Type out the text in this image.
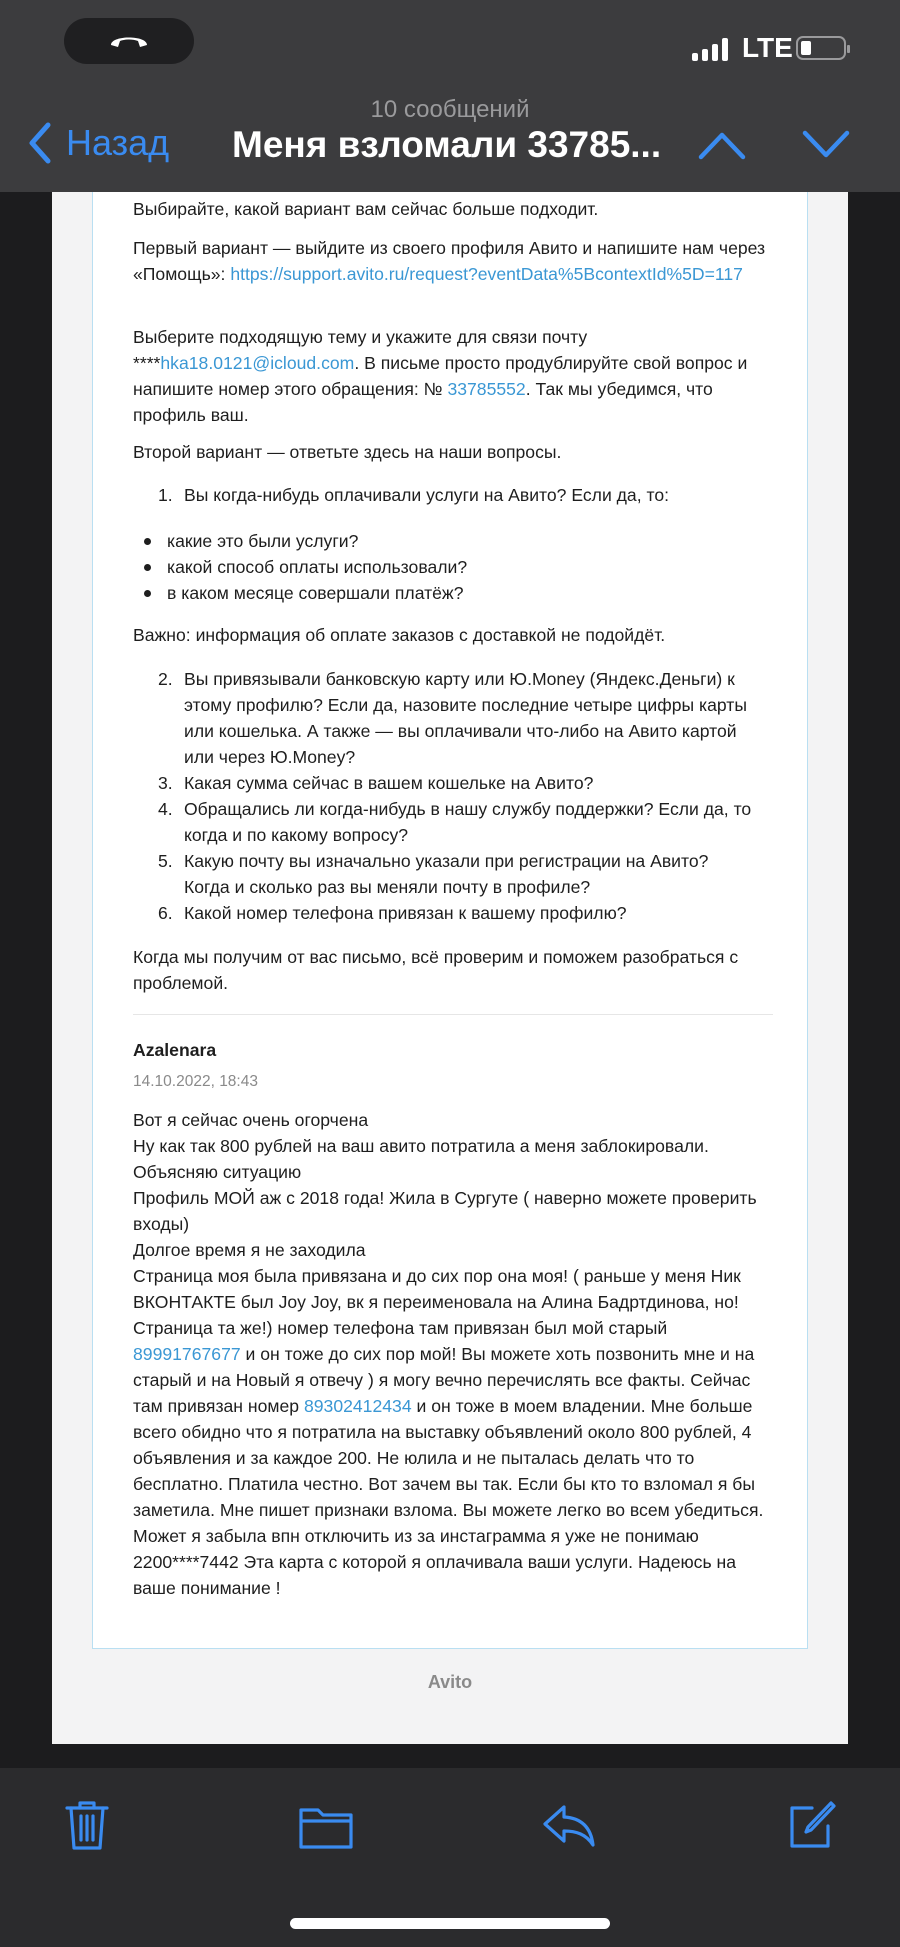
LTE
10 сообщений
Назад Меня взломали 33785...

Выбирайте, какой вариант вам сейчас больше подходит.

Первый вариант — выйдите из своего профиля Авито и напишите нам через «Помощь»: https://support.avito.ru/request?eventData%5BcontextId%5D=117

Выберите подходящую тему и укажите для связи почту ****hka18.0121@icloud.com. В письме просто продублируйте свой вопрос и напишите номер этого обращения: № 33785552. Так мы убедимся, что профиль ваш.

Второй вариант — ответьте здесь на наши вопросы.

1. Вы когда-нибудь оплачивали услуги на Авито? Если да, то:
какие это были услуги?
какой способ оплаты использовали?
в каком месяце совершали платёж?

Важно: информация об оплате заказов с доставкой не подойдёт.

2. Вы привязывали банковскую карту или Ю.Money (Яндекс.Деньги) к этому профилю? Если да, назовите последние четыре цифры карты или кошелька. А также — вы оплачивали что-либо на Авито картой или через Ю.Money?
3. Какая сумма сейчас в вашем кошельке на Авито?
4. Обращались ли когда-нибудь в нашу службу поддержки? Если да, то когда и по какому вопросу?
5. Какую почту вы изначально указали при регистрации на Авито? Когда и сколько раз вы меняли почту в профиле?
6. Какой номер телефона привязан к вашему профилю?

Когда мы получим от вас письмо, всё проверим и поможем разобраться с проблемой.

Azalenara
14.10.2022, 18:43

Вот я сейчас очень огорчена

Ну как так 800 рублей на ваш авито потратила а меня заблокировали.

Объясняю ситуацию

Профиль МОЙ аж с 2018 года! Жила в Сургуте ( наверно можете проверить входы)

Долгое время я не заходила

Страница моя была привязана и до сих пор она моя! ( раньше у меня Ник ВКОНТАКТЕ был Joy Joy, вк я переименовала на Алина Бадртдинова, но! Страница та же!) номер телефона там привязан был мой старый 89991767677 и он тоже до сих пор мой! Вы можете хоть позвонить мне и на старый и на Новый я отвечу ) я могу вечно перечислять все факты. Сейчас там привязан номер 89302412434 и он тоже в моем владении. Мне больше всего обидно что я потратила на выставку объявлений около 800 рублей, 4 объявления и за каждое 200. Не юлила и не пыталась делать что то бесплатно. Платила честно. Вот зачем вы так. Если бы кто то взломал я бы заметила. Мне пишет признаки взлома. Вы можете легко во всем убедиться.

Может я забыла впн отключить из за инстаграмма я уже не понимаю 2200****7442 Эта карта с которой я оплачивала ваши услуги. Надеюсь на ваше понимание !

Avito
